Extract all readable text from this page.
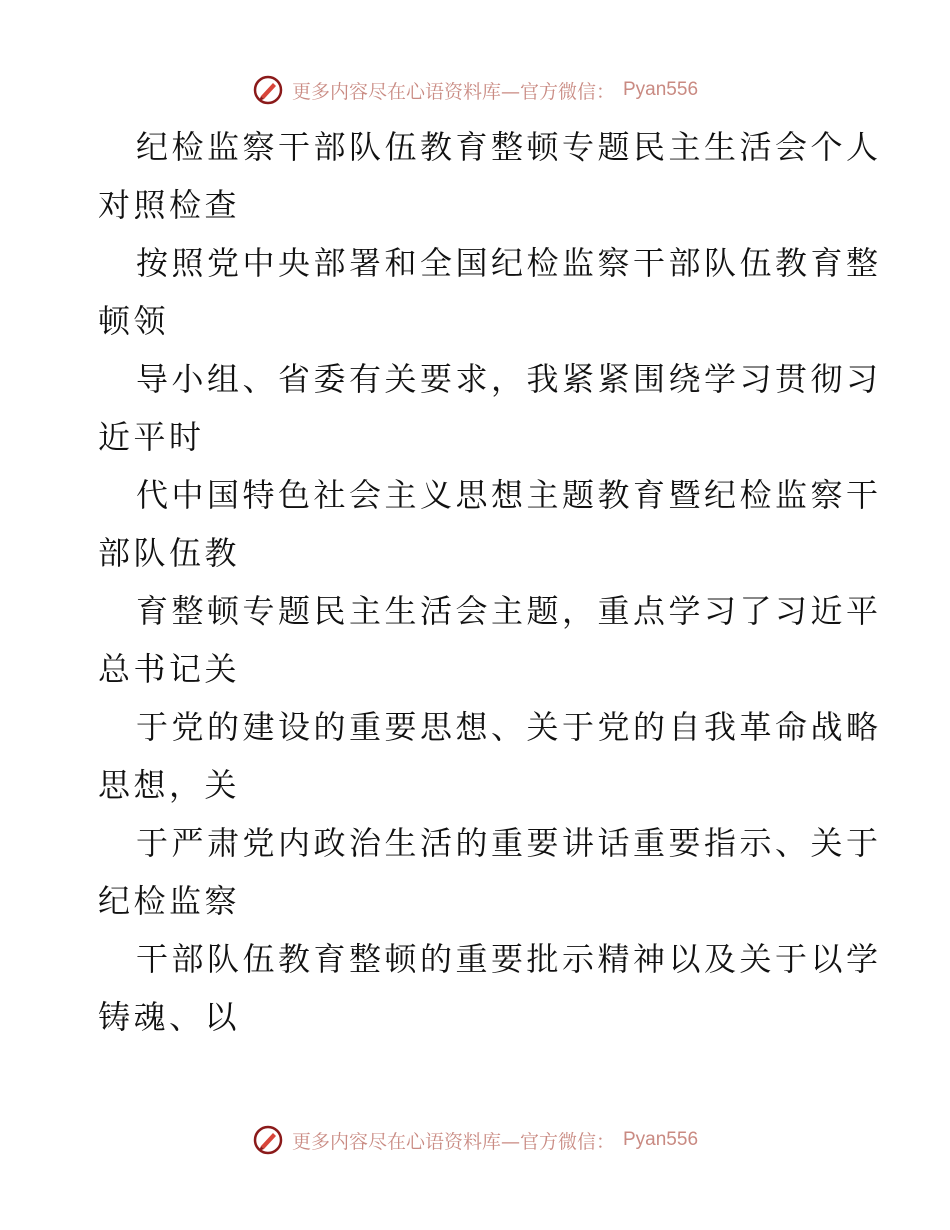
更多内容尽在心语资料库—官方微信： Pyan556

纪检监察干部队伍教育整顿专题民主生活会个人
对照检查

按照党中央部署和全国纪检监察干部队伍教育整
顿领

导小组、省委有关要求，我紧紧围绕学习贯彻习
近平时

代中国特色社会主义思想主题教育暨纪检监察干
部队伍教

育整顿专题民主生活会主题，重点学习了习近平
总书记关

于党的建设的重要思想、关于党的自我革命战略
思想，关

于严肃党内政治生活的重要讲话重要指示、关于
纪检监察

干部队伍教育整顿的重要批示精神以及关于以学
铸魂、以

更多内容尽在心语资料库—官方微信： Pyan556
